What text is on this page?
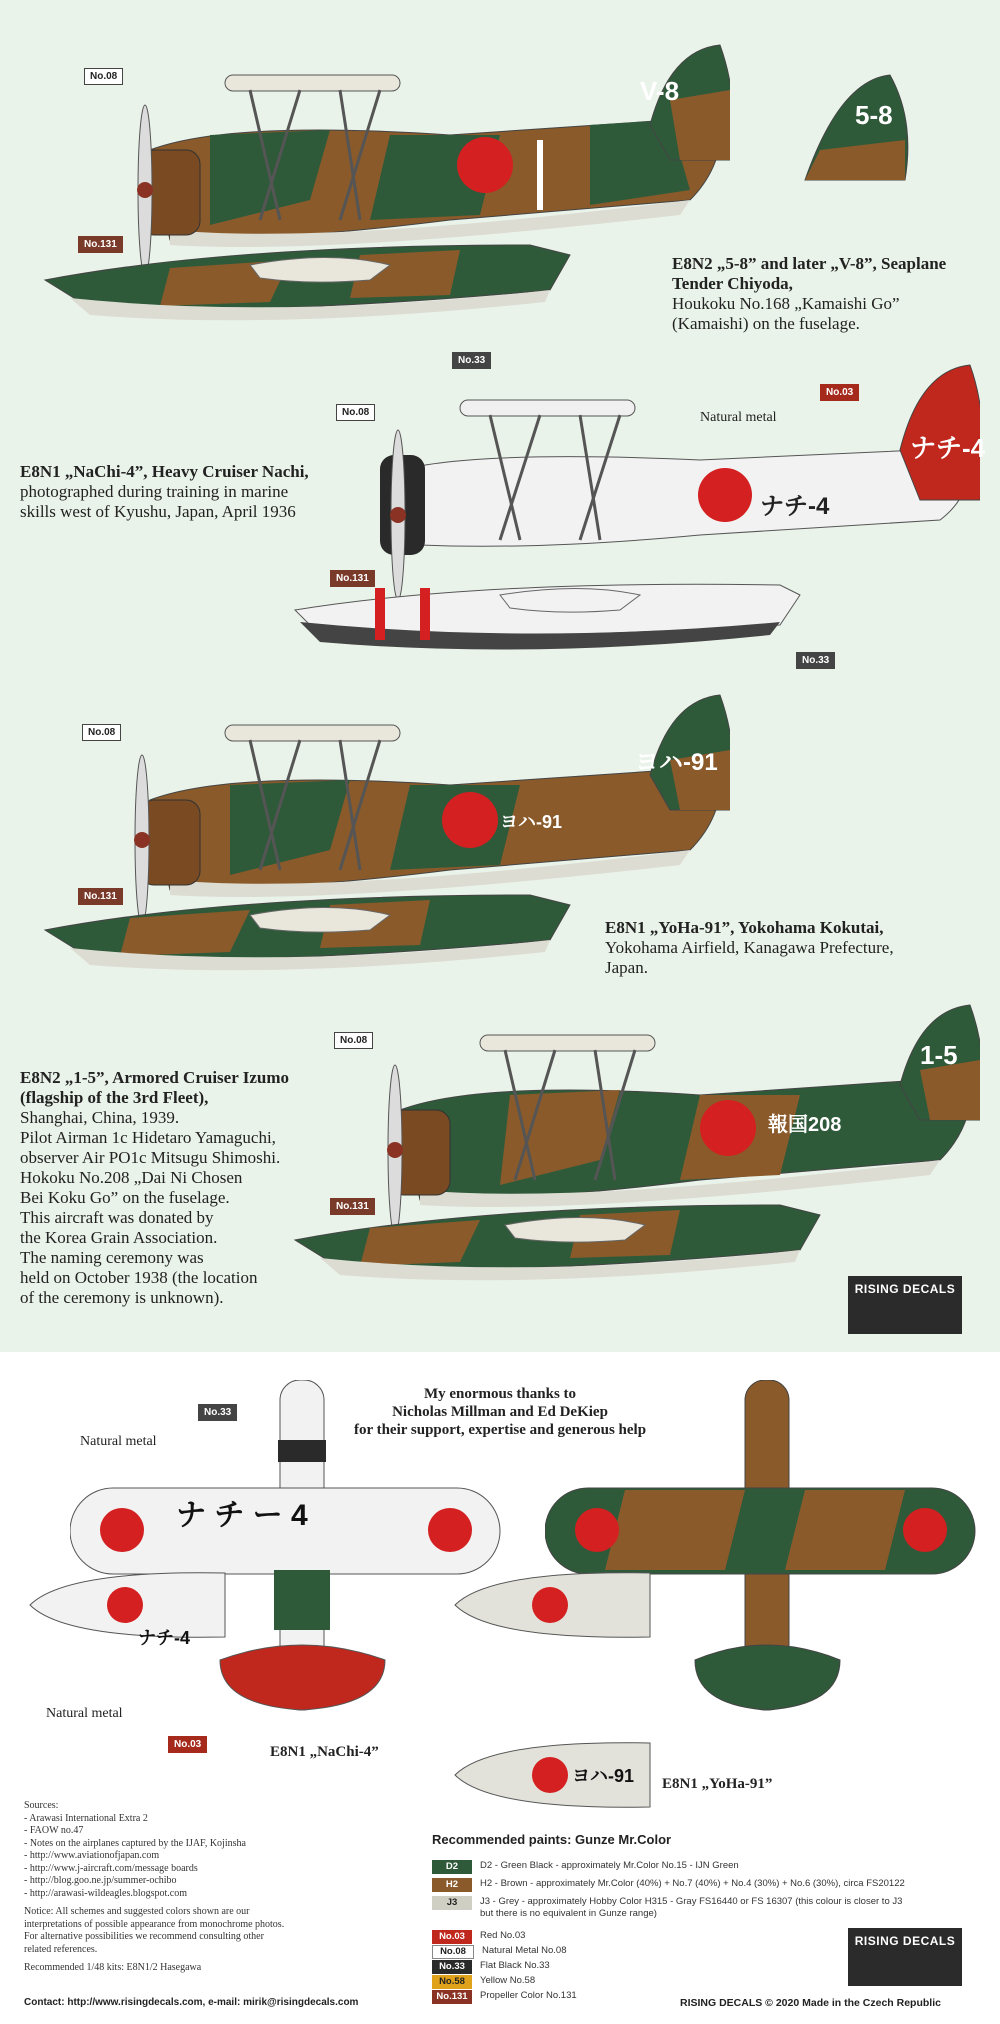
V-8
5-8
No.08
No.131
E8N2 „5-8” and later „V-8”, Seaplane Tender Chiyoda,
Houkoku No.168 „Kamaishi Go”
(Kamaishi) on the fuselage.
ナチ-4
ナチ-4
Natural metal
No.33
No.08
No.03
No.131
No.33
E8N1 „NaChi-4”, Heavy Cruiser Nachi,
photographed during training in marine
skills west of Kyushu, Japan, April 1936
ヨハ-91
ヨハ-91
No.08
No.131
E8N1 „YoHa-91”, Yokohama Kokutai,
Yokohama Airfield, Kanagawa Prefecture,
Japan.
1-5
報国208
No.08
No.131
E8N2 „1-5”, Armored Cruiser Izumo (flagship of the 3rd Fleet),
Shanghai, China, 1939.
Pilot Airman 1c Hidetaro Yamaguchi,
observer Air PO1c Mitsugu Shimoshi.
Hokoku No.208 „Dai Ni Chosen
Bei Koku Go” on the fuselage.
This aircraft was donated by
the Korea Grain Association.
The naming ceremony was
held on October 1938 (the location
of the ceremony is unknown).	RISING DECALS
My enormous thanks to
Nicholas Millman and Ed DeKiep
for their support, expertise and generous help
ナ チ ー 4
ナチ-4
Natural metal
Natural metal
No.33
No.03	E8N1 „NaChi-4”
ヨハ-91 E8N1 „YoHa-91”
Sources:
- Arawasi International Extra 2
- FAOW no.47
- Notes on the airplanes captured by the IJAF, Kojinsha
- http://www.aviationofjapan.com
- http://www.j-aircraft.com/message boards
- http://blog.goo.ne.jp/summer-ochibo
- http://arawasi-wildeagles.blogspot.com
Notice: All schemes and suggested colors shown are our
interpretations of possible appearance from monochrome photos.
For alternative possibilities we recommend consulting other
related references.
Recommended 1/48 kits: E8N1/2 Hasegawa
Recommended paints: Gunze Mr.Color
D2 D2 - Green Black - approximately Mr.Color No.15 - IJN Green
H2 H2 - Brown - approximately Mr.Color (40%) + No.7 (40%) + No.4 (30%) + No.6 (30%), circa FS20122
J3 J3 - Grey - approximately Hobby Color H315 - Gray FS16440 or FS 16307 (this colour is closer to J3
but there is no equivalent in Gunze range)
No.03 Red No.03
No.08 Natural Metal No.08
No.33 Flat Black No.33
No.58 Yellow No.58
No.131 Propeller Color No.131
RISING DECALS
Contact: http://www.risingdecals.com, e-mail: mirik@risingdecals.com	RISING DECALS © 2020 Made in the Czech Republic
